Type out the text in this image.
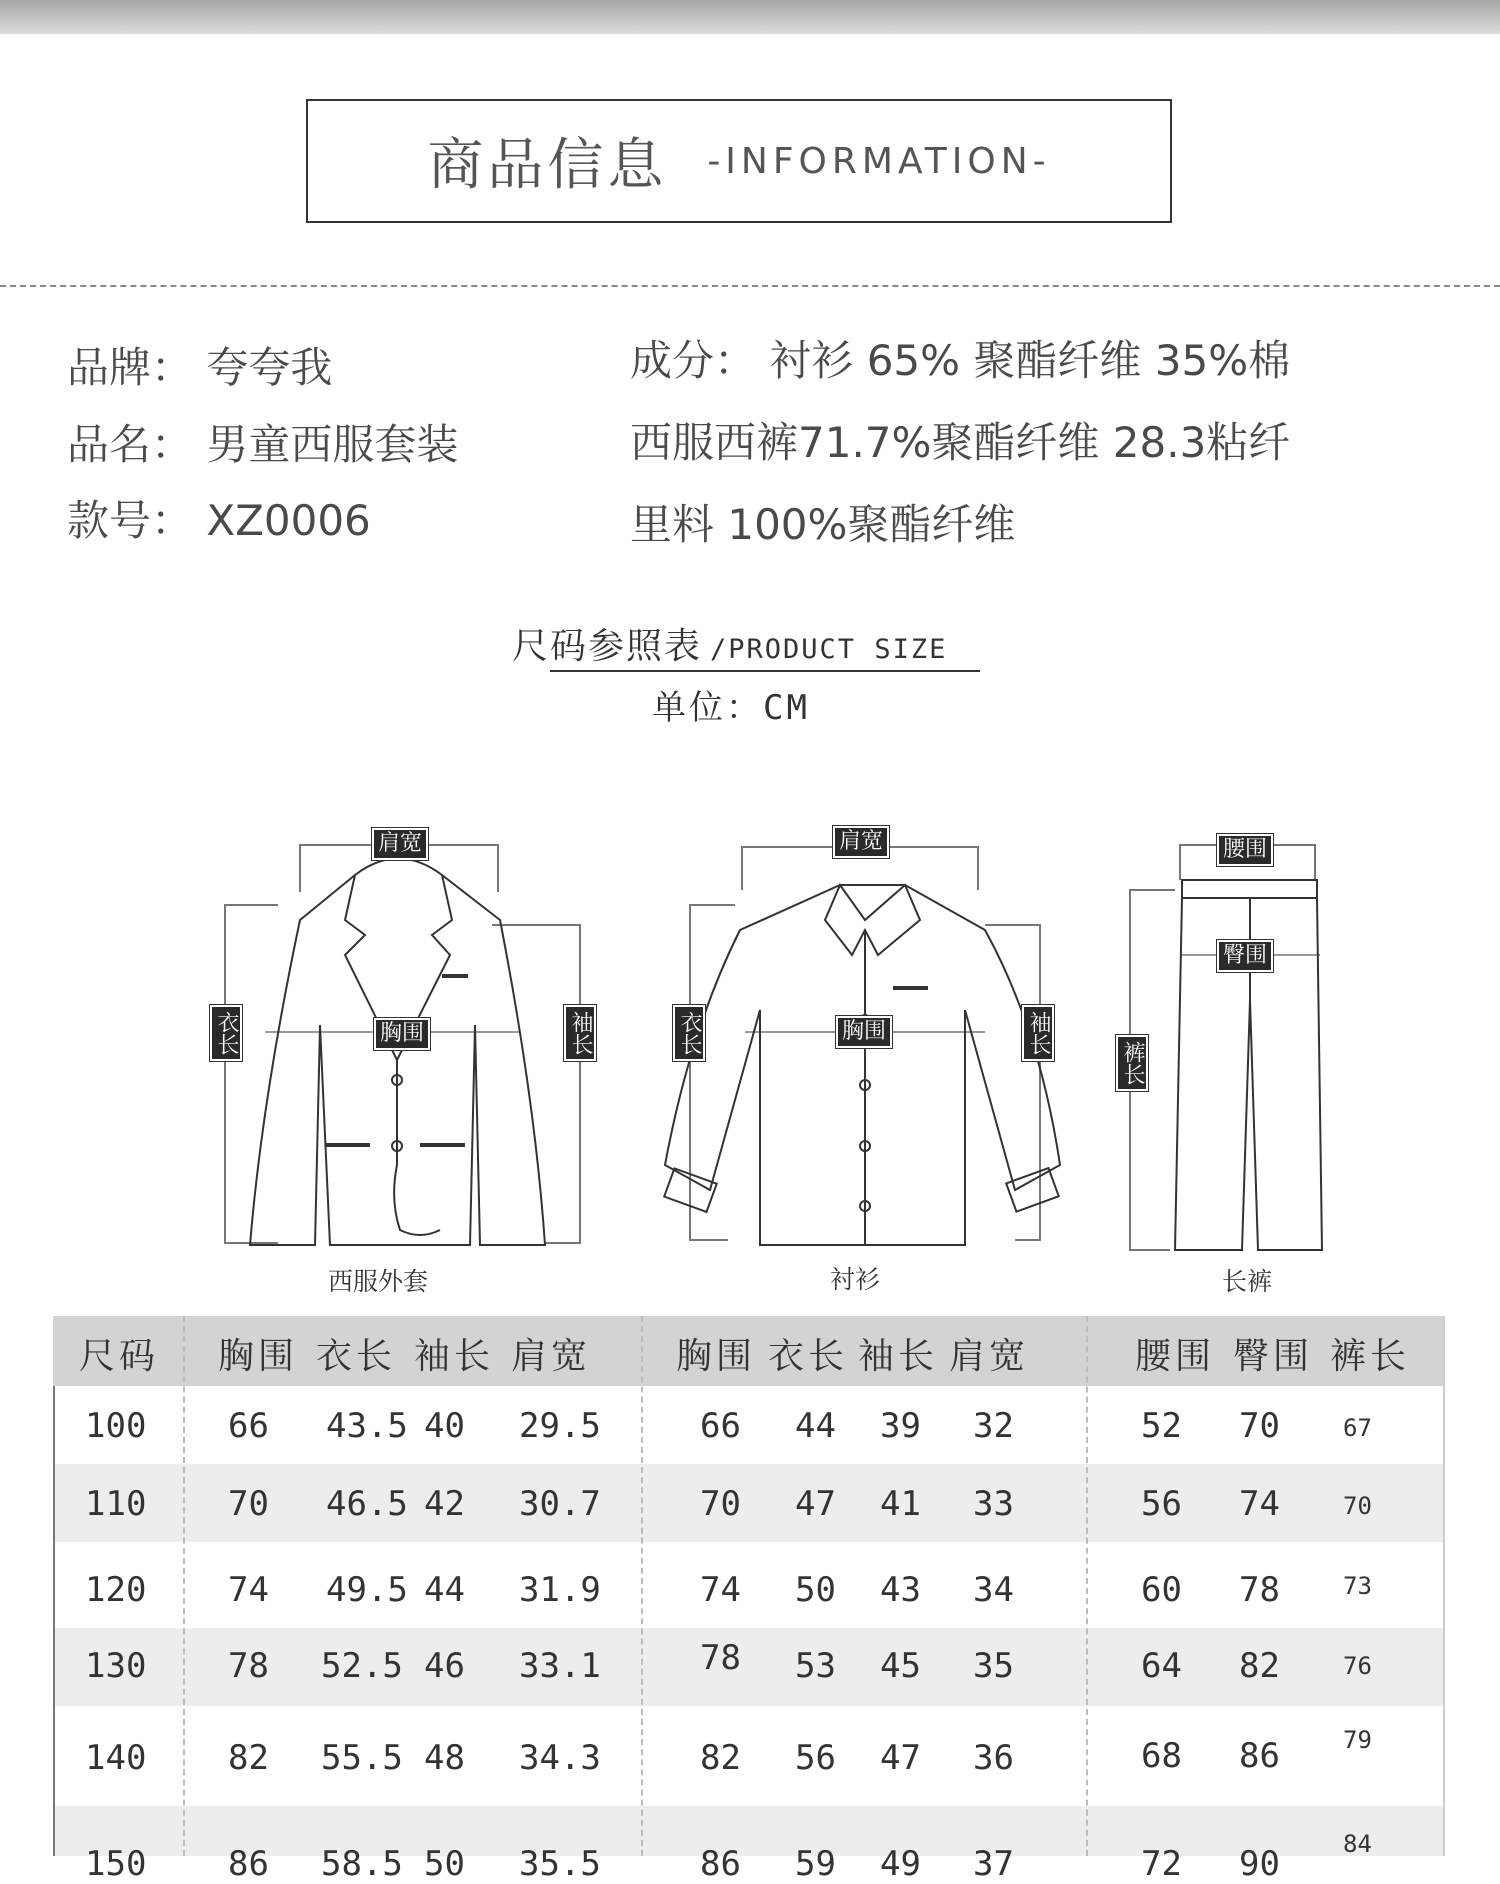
商品信息 -INFORMATION-
品牌： 夸夸我
品名： 男童西服套装
款号： XZ0006
成分： 衬衫 65% 聚酯纤维 35%棉
西服西裤71.7%聚酯纤维 28.3粘纤
里料 100%聚酯纤维
尺码参照表 /PRODUCT SIZE
单位：CM
肩宽
衣长	胸围	袖长
肩宽
衣长	胸围	袖长
腰围
臀围
裤长
西服外套	衬衫	长裤
尺码 胸围 衣长 袖长 肩宽 胸围 衣长 袖长 肩宽	腰围 臀围 裤长
100 66 43.5 40 29.5	66 44 39 32	52 70	67
110 70 46.5 42 30.7	70 47 41 33	56 74	70
120 74 49.5 44 31.9	74 50 43 34	60 78	73
130 78 52.5 46 33.1	78 53 45 35	64 82	76
140 82 55.5 48 34.3	82 56 47 36	68 86	79
150 86 58.5 50 35.5	86 59 49 37	72 90	84
